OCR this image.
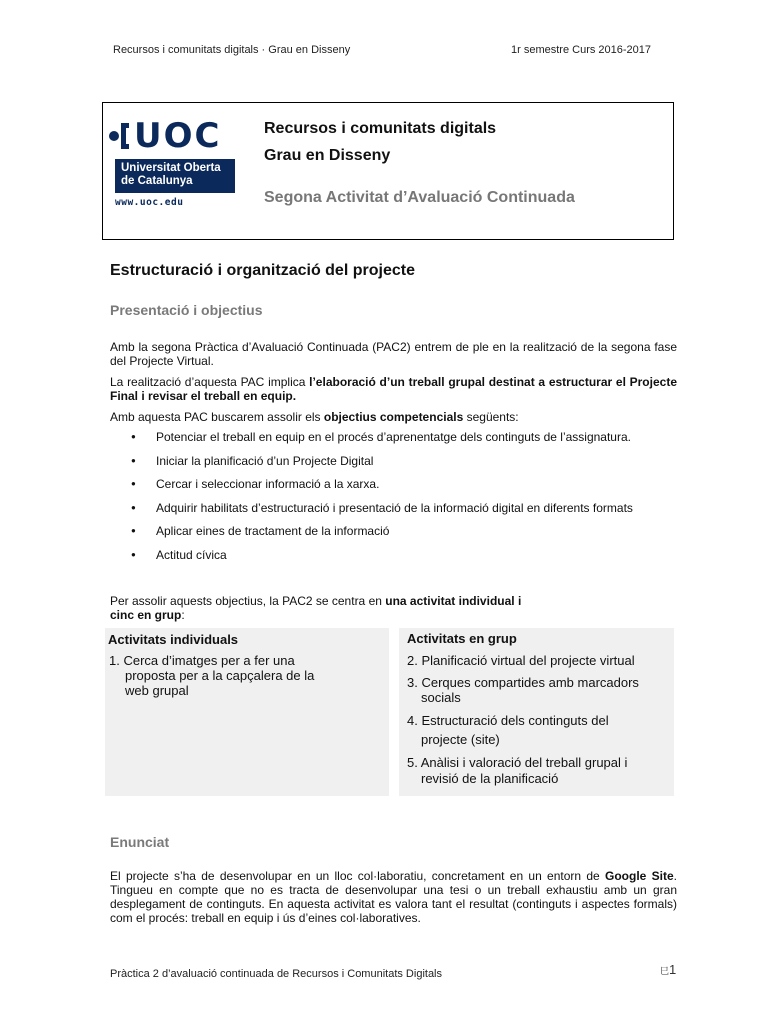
Recursos i comunitats digitals · Grau en Disseny	1r semestre Curs 2016-2017
UOC
Universitat Oberta
de Catalunya
www.uoc.edu
Recursos i comunitats digitals
Grau en Disseny
Segona Activitat d’Avaluació Continuada
Estructuració i organització del projecte
Presentació i objectius
Amb la segona Pràctica d’Avaluació Continuada (PAC2) entrem de ple en la realització de la segona fase del Projecte Virtual.
La realització d’aquesta PAC implica l’elaboració d’un treball grupal destinat a estructurar el Projecte Final i revisar el treball en equip.
Amb aquesta PAC buscarem assolir els objectius competencials següents:
● Potenciar el treball en equip en el procés d’aprenentatge dels continguts de l’assignatura.
● Iniciar la planificació d’un Projecte Digital
● Cercar i seleccionar informació a la xarxa.
● Adquirir habilitats d’estructuració i presentació de la informació digital en diferents formats
● Aplicar eines de tractament de la informació
● Actitud cívica
Per assolir aquests objectius, la PAC2 se centra en una activitat individual i
cinc en grup:
Activitats individuals
1. Cerca d’imatges per a fer una
proposta per a la capçalera de la
web grupal
Activitats en grup
2. Planificació virtual del projecte virtual
3. Cerques compartides amb marcadors
socials
4. Estructuració dels continguts del
projecte (site)
5. Anàlisi i valoració del treball grupal i
revisió de la planificació
Enunciat
El projecte s’ha de desenvolupar en un lloc col·laboratiu, concretament en un entorn de Google Site. Tingueu en compte que no es tracta de desenvolupar una tesi o un treball exhaustiu amb un gran desplegament de continguts. En aquesta activitat es valora tant el resultat (continguts i aspectes formals) com el procés: treball en equip i ús d’eines col·laboratives.
Pràctica 2 d’avaluació continuada de Recursos i Comunitats Digitals	⺒1
